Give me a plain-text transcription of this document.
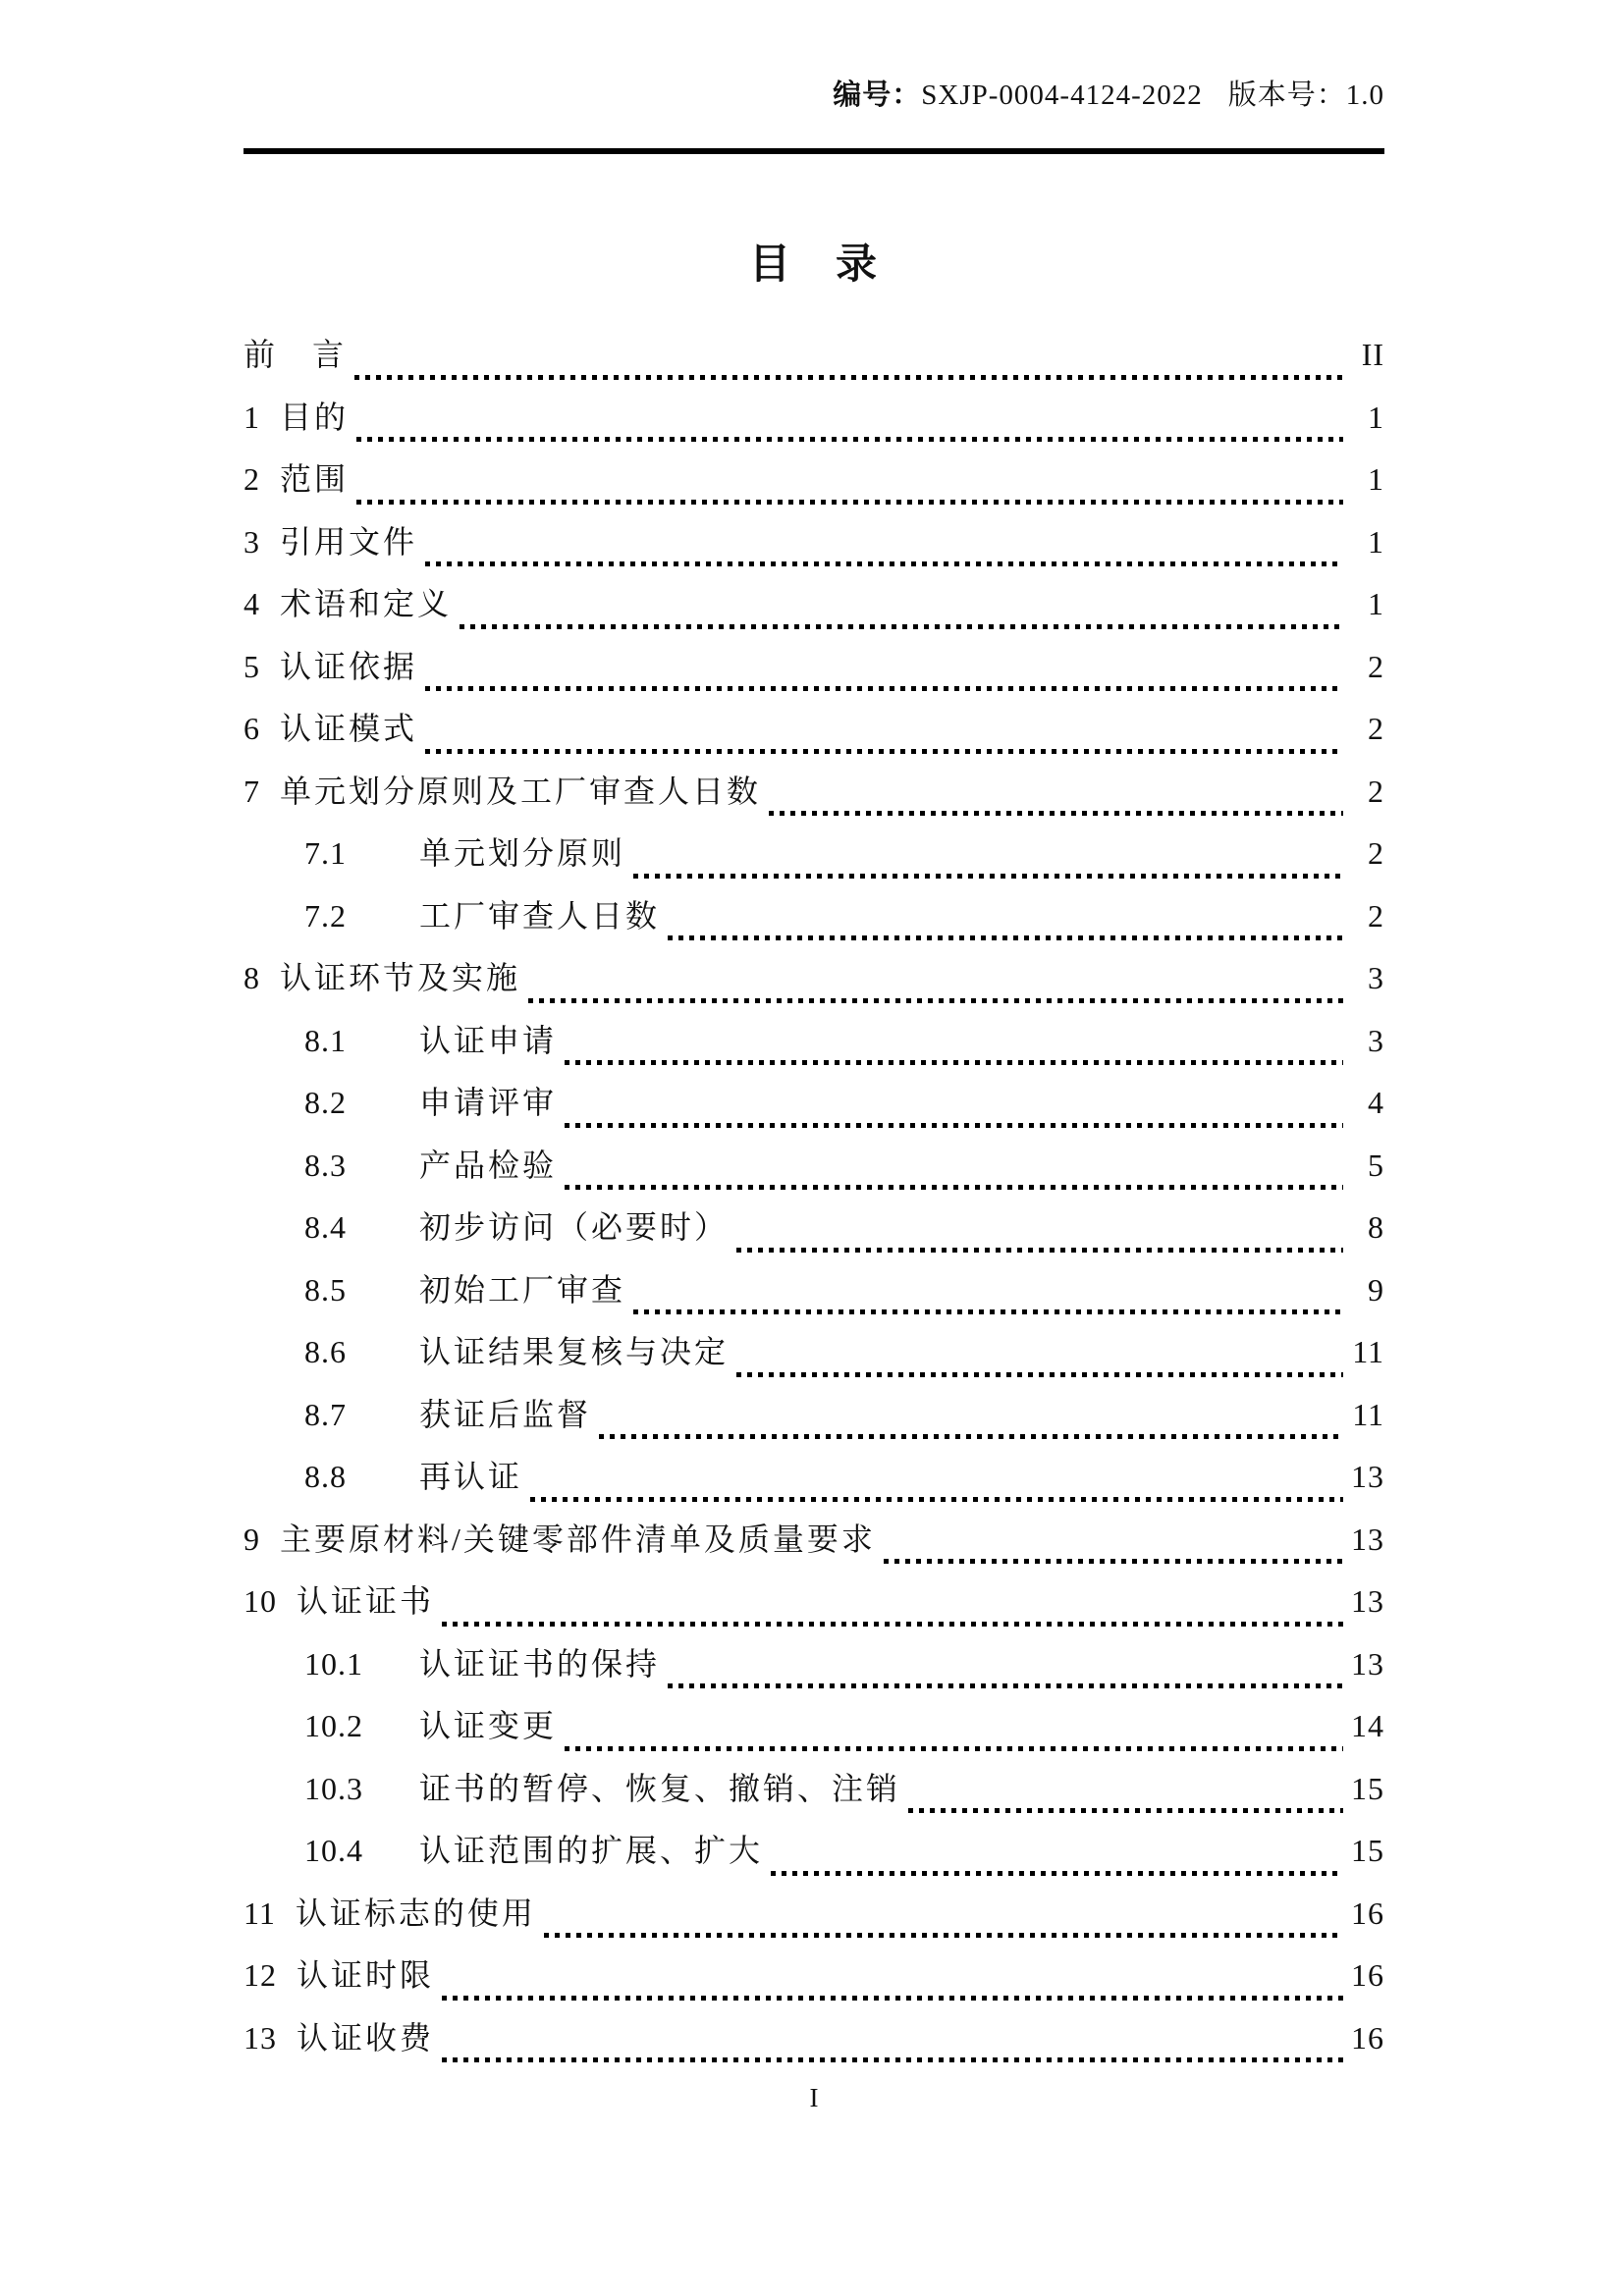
编号：SXJP-0004-4124-2022 版本号：1.0
目　录
前　言	II
1 目的	1
2 范围	1
3 引用文件	1
4 术语和定义	1
5 认证依据	2
6 认证模式	2
7 单元划分原则及工厂审查人日数	2
7.1	单元划分原则	2
7.2	工厂审查人日数	2
8 认证环节及实施	3
8.1	认证申请	3
8.2	申请评审	4
8.3	产品检验	5
8.4	初步访问（必要时）	8
8.5	初始工厂审查	9
8.6	认证结果复核与决定	11
8.7	获证后监督	11
8.8	再认证	13
9 主要原材料/关键零部件清单及质量要求	13
10 认证证书	13
10.1	认证证书的保持	13
10.2	认证变更	14
10.3	证书的暂停、恢复、撤销、注销	15
10.4	认证范围的扩展、扩大	15
11 认证标志的使用	16
12 认证时限	16
13 认证收费	16
I
